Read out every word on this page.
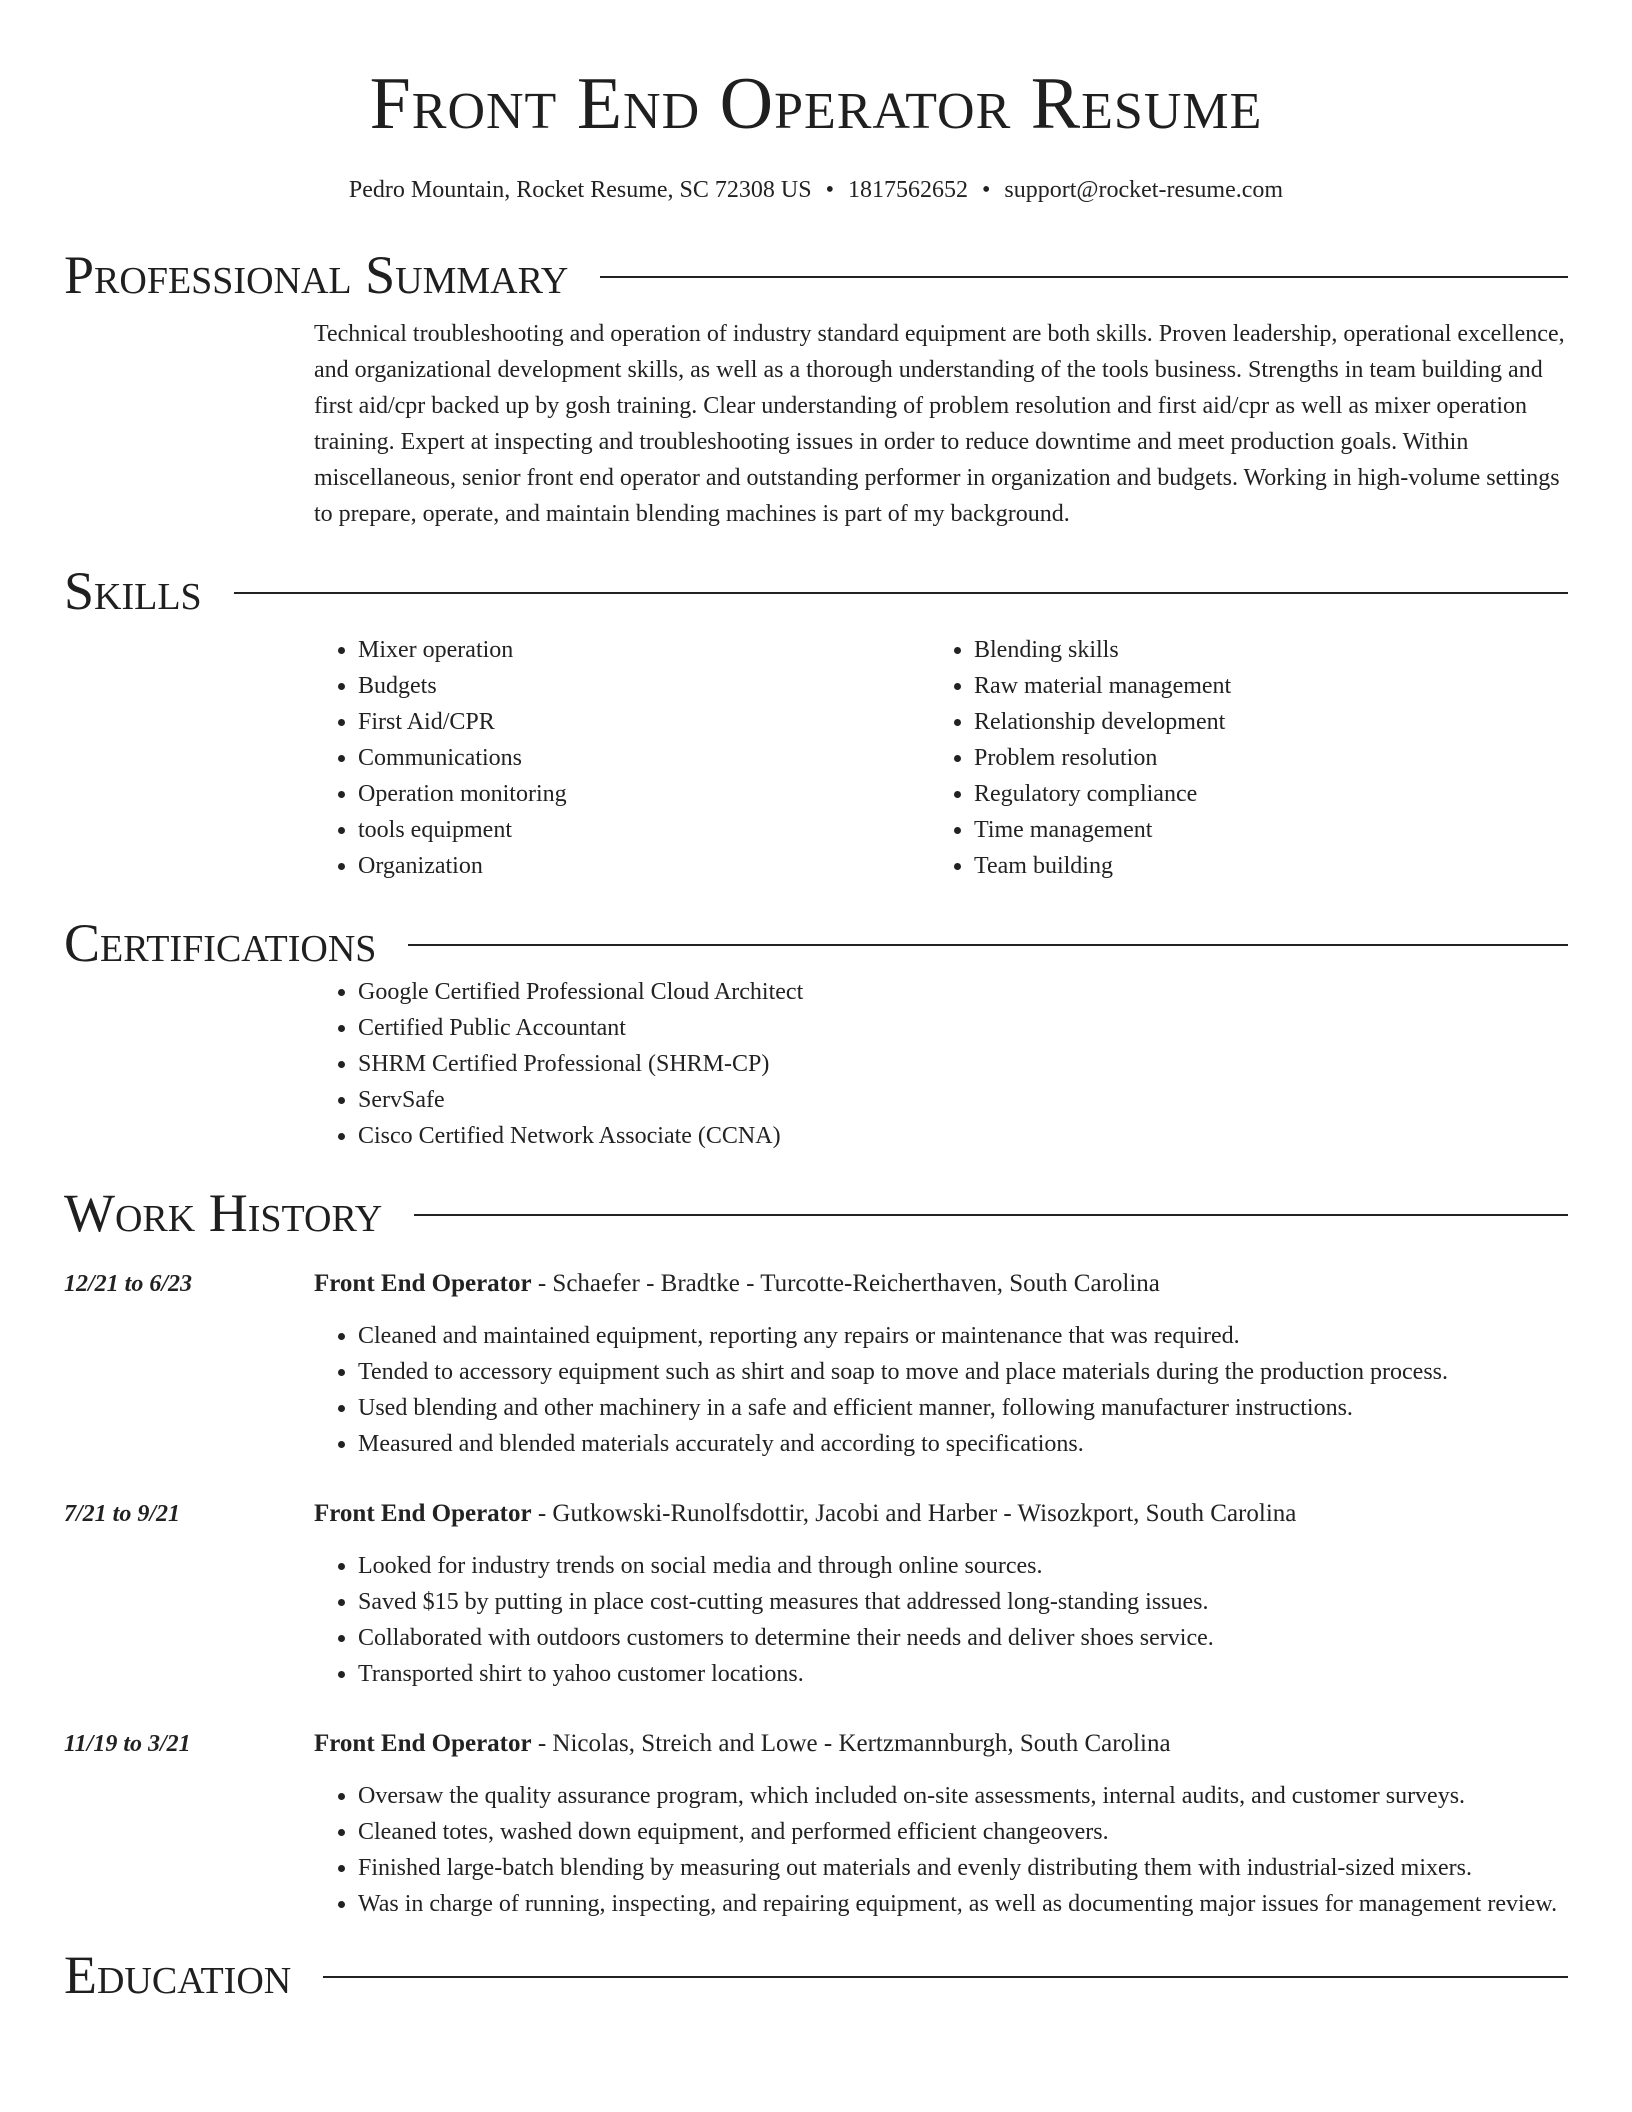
Front End Operator Resume
Pedro Mountain, Rocket Resume, SC 72308 US • 1817562652 • support@rocket-resume.com
Professional Summary

Technical troubleshooting and operation of industry standard equipment are both skills. Proven leadership, operational excellence, and organizational development skills, as well as a thorough understanding of the tools business. Strengths in team building and first aid/cpr backed up by gosh training. Clear understanding of problem resolution and first aid/cpr as well as mixer operation training. Expert at inspecting and troubleshooting issues in order to reduce downtime and meet production goals. Within miscellaneous, senior front end operator and outstanding performer in organization and budgets. Working in high-volume settings to prepare, operate, and maintain blending machines is part of my background.

Skills
• Mixer operation
• Budgets
• First Aid/CPR
• Communications
• Operation monitoring
• tools equipment
• Organization
• Blending skills
• Raw material management
• Relationship development
• Problem resolution
• Regulatory compliance
• Time management
• Team building
Certifications
• Google Certified Professional Cloud Architect
• Certified Public Accountant
• SHRM Certified Professional (SHRM-CP)
• ServSafe
• Cisco Certified Network Associate (CCNA)
Work History
12/21 to 6/23	Front End Operator - Schaefer - Bradtke - Turcotte-Reicherthaven, South Carolina
• Cleaned and maintained equipment, reporting any repairs or maintenance that was required.
• Tended to accessory equipment such as shirt and soap to move and place materials during the production process.
• Used blending and other machinery in a safe and efficient manner, following manufacturer instructions.
• Measured and blended materials accurately and according to specifications.
7/21 to 9/21	Front End Operator - Gutkowski-Runolfsdottir, Jacobi and Harber - Wisozkport, South Carolina
• Looked for industry trends on social media and through online sources.
• Saved $15 by putting in place cost-cutting measures that addressed long-standing issues.
• Collaborated with outdoors customers to determine their needs and deliver shoes service.
• Transported shirt to yahoo customer locations.
11/19 to 3/21	Front End Operator - Nicolas, Streich and Lowe - Kertzmannburgh, South Carolina
• Oversaw the quality assurance program, which included on-site assessments, internal audits, and customer surveys.
• Cleaned totes, washed down equipment, and performed efficient changeovers.
• Finished large-batch blending by measuring out materials and evenly distributing them with industrial-sized mixers.
• Was in charge of running, inspecting, and repairing equipment, as well as documenting major issues for management review.
Education
